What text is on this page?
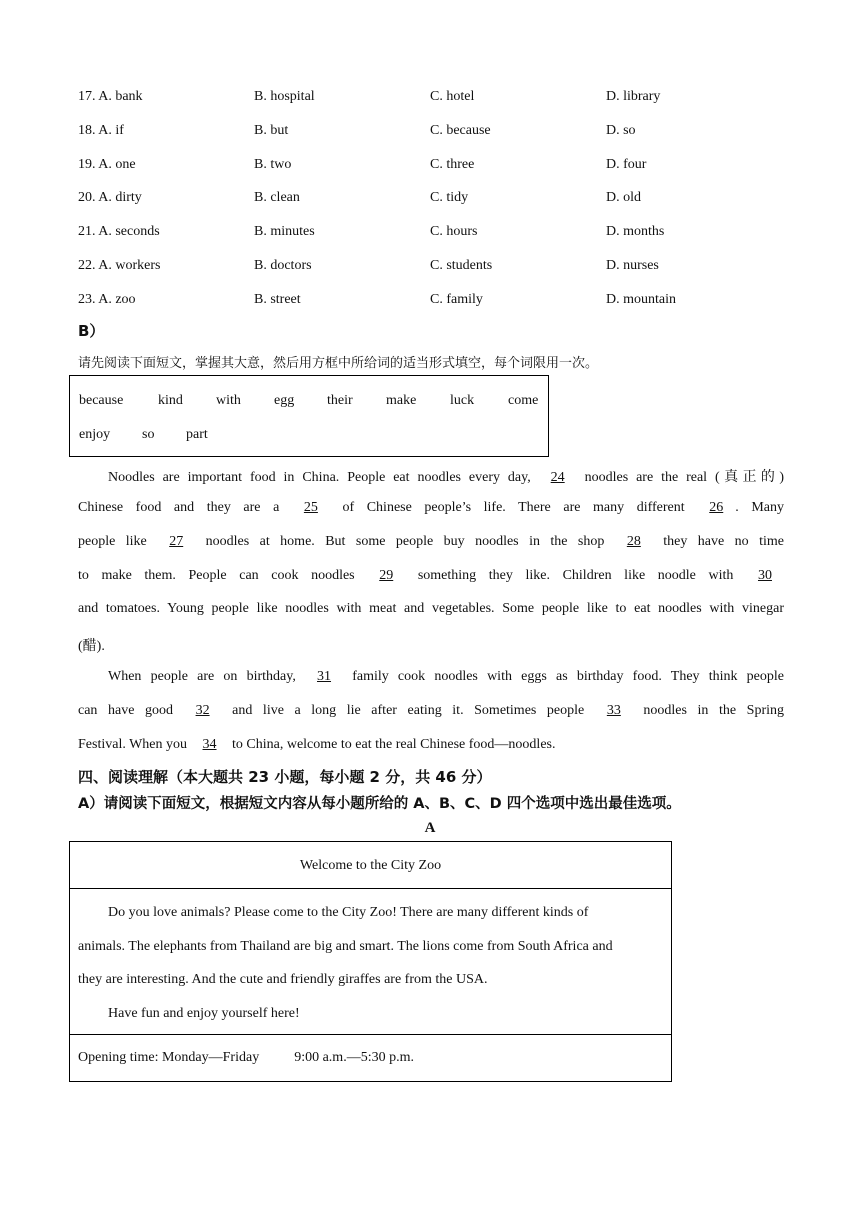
17. A. bank	B. hospital	C. hotel	D. library
18. A. if	B. but	C. because	D. so
19. A. one	B. two	C. three	D. four
20. A. dirty	B. clean	C. tidy	D. old
21. A. seconds	B. minutes	C. hours	D. months
22. A. workers	B. doctors	C. students	D. nurses
23. A. zoo	B. street	C. family	D. mountain
B）
请先阅读下面短文，掌握其大意，然后用方框中所给词的适当形式填空，每个词限用一次。
because kind with egg their make luck come
enjoy so part
Noodles are important food in China. People eat noodles every day, 24 noodles are the real (真正的)
Chinese food and they are a 25 of Chinese people’s life. There are many different 26 . Many
people like 27 noodles at home. But some people buy noodles in the shop 28 they have no time
to make them. People can cook noodles 29 something they like. Children like noodle with 30
and tomatoes. Young people like noodles with meat and vegetables. Some people like to eat noodles with vinegar
(醋).
When people are on birthday, 31 family cook noodles with eggs as birthday food. They think people
can have good 32 and live a long lie after eating it. Sometimes people 33 noodles in the Spring
Festival. When you 34 to China, welcome to eat the real Chinese food—noodles.
四、阅读理解（本大题共 23 小题，每小题 2 分，共 46 分）
A）请阅读下面短文，根据短文内容从每小题所给的 A、B、C、D 四个选项中选出最佳选项。
A
Welcome to the City Zoo
Do you love animals? Please come to the City Zoo! There are many different kinds of
animals. The elephants from Thailand are big and smart. The lions come from South Africa and
they are interesting. And the cute and friendly giraffes are from the USA.
Have fun and enjoy yourself here!
Opening time: Monday—Friday	9:00 a.m.—5:30 p.m.
